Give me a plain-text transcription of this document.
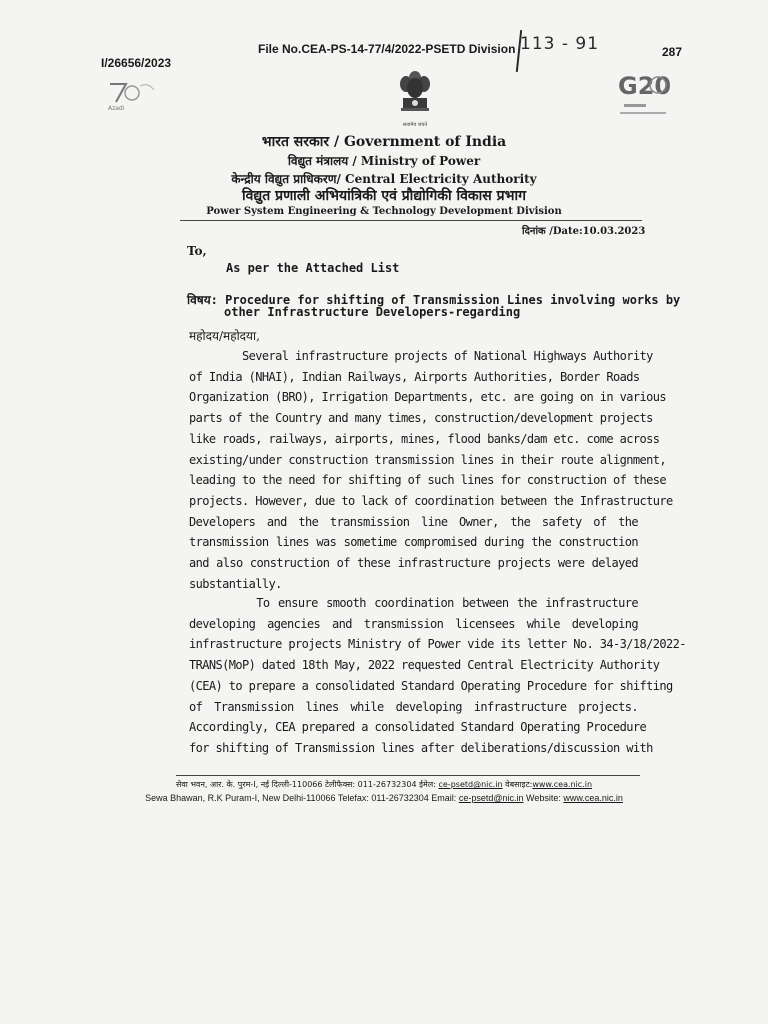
File No.CEA-PS-14-77/4/2022-PSETD Division 113 - 91	287
I/26656/2023
Azadi
सत्यमेव जयते
G20
भारत सरकार / Government of India
विद्युत मंत्रालय / Ministry of Power
केन्द्रीय विद्युत प्राधिकरण/ Central Electricity Authority
विद्युत प्रणाली अभियांत्रिकी एवं प्रौद्योगिकी विकास प्रभाग
Power System Engineering & Technology Development Division
दिनांक /Date:10.03.2023
To,
As per the Attached List
विषय: Procedure for shifting of Transmission Lines involving works by
other Infrastructure Developers-regarding
महोदय/महोदया,
Several infrastructure projects of National Highways Authority
of India (NHAI), Indian Railways, Airports Authorities, Border Roads
Organization (BRO), Irrigation Departments, etc. are going on in various
parts of the Country and many times, construction/development projects
like roads, railways, airports, mines, flood banks/dam etc. come across
existing/under construction transmission lines in their route alignment,
leading to the need for shifting of such lines for construction of these
projects. However, due to lack of coordination between the Infrastructure
Developers and the transmission line Owner, the safety of the
transmission lines was sometime compromised during the construction
and also construction of these infrastructure projects were delayed
substantially.
To ensure smooth coordination between the infrastructure
developing agencies and transmission licensees while developing
infrastructure projects Ministry of Power vide its letter No. 34-3/18/2022-
TRANS(MoP) dated 18th May, 2022 requested Central Electricity Authority
(CEA) to prepare a consolidated Standard Operating Procedure for shifting
of Transmission lines while developing infrastructure projects.
Accordingly, CEA prepared a consolidated Standard Operating Procedure
for shifting of Transmission lines after deliberations/discussion with
सेवा भवन, आर. के. पुरम-I, नई दिल्ली-110066 टेलीफैक्स: 011-26732304 ईमेल: ce-psetd@nic.in वेबसाइट:www.cea.nic.in
Sewa Bhawan, R.K Puram-I, New Delhi-110066 Telefax: 011-26732304 Email: ce-psetd@nic.in Website: www.cea.nic.in
